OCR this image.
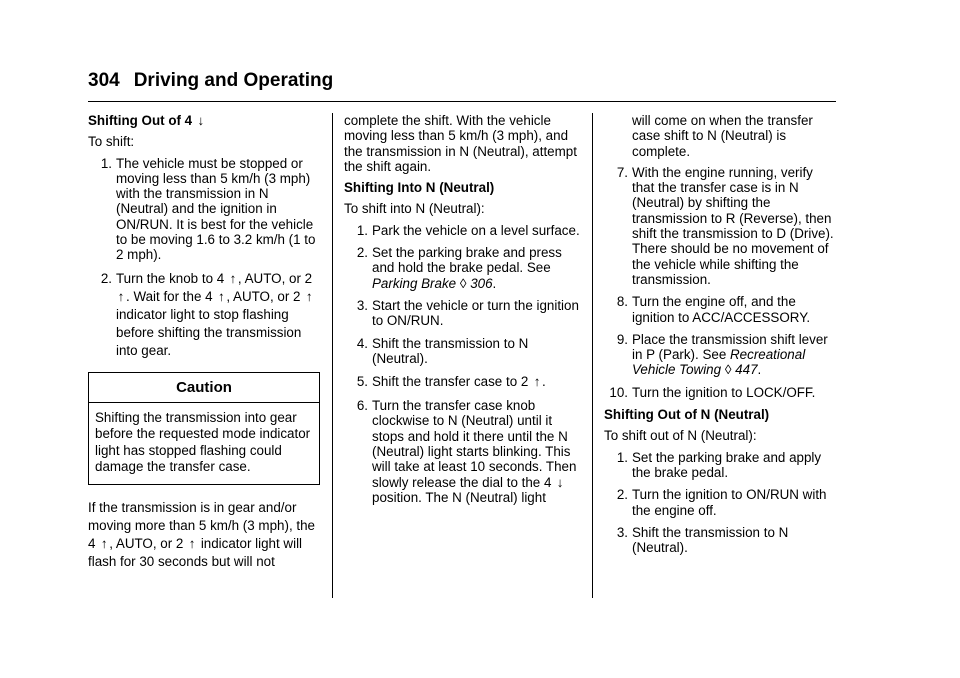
304 Driving and Operating
Shifting Out of 4 ↓

To shift:

1. The vehicle must be stopped or moving less than 5 km/h (3 mph) with the transmission in N (Neutral) and the ignition in ON/RUN. It is best for the vehicle to be moving 1.6 to 3.2 km/h (1 to 2 mph).
2. Turn the knob to 4 ↑ , AUTO, or 2 ↑ . Wait for the 4 ↑ , AUTO, or 2 ↑ indicator light to stop flashing before shifting the transmission into gear.
Caution
Shifting the transmission into gear before the requested mode indicator light has stopped flashing could damage the transfer case.

If the transmission is in gear and/or moving more than 5 km/h (3 mph), the 4 ↑ , AUTO, or 2 ↑ indicator light will flash for 30 seconds but will not

complete the shift. With the vehicle moving less than 5 km/h (3 mph), and the transmission in N (Neutral), attempt the shift again.

Shifting Into N (Neutral)

To shift into N (Neutral):

1. Park the vehicle on a level surface.
2. Set the parking brake and press and hold the brake pedal. See Parking Brake ◊ 306.
3. Start the vehicle or turn the ignition to ON/RUN.
4. Shift the transmission to N (Neutral).
5. Shift the transfer case to 2 ↑ .
6. Turn the transfer case knob clockwise to N (Neutral) until it stops and hold it there until the N (Neutral) light starts blinking. This will take at least 10 seconds. Then slowly release the dial to the 4 ↓ position. The N (Neutral) light

will come on when the transfer case shift to N (Neutral) is complete.

7. With the engine running, verify that the transfer case is in N (Neutral) by shifting the transmission to R (Reverse), then shift the transmission to D (Drive). There should be no movement of the vehicle while shifting the transmission.
8. Turn the engine off, and the ignition to ACC/ACCESSORY.
9. Place the transmission shift lever in P (Park). See Recreational Vehicle Towing ◊ 447.
10. Turn the ignition to LOCK/OFF.
Shifting Out of N (Neutral)

To shift out of N (Neutral):

1. Set the parking brake and apply the brake pedal.
2. Turn the ignition to ON/RUN with the engine off.
3. Shift the transmission to N (Neutral).
